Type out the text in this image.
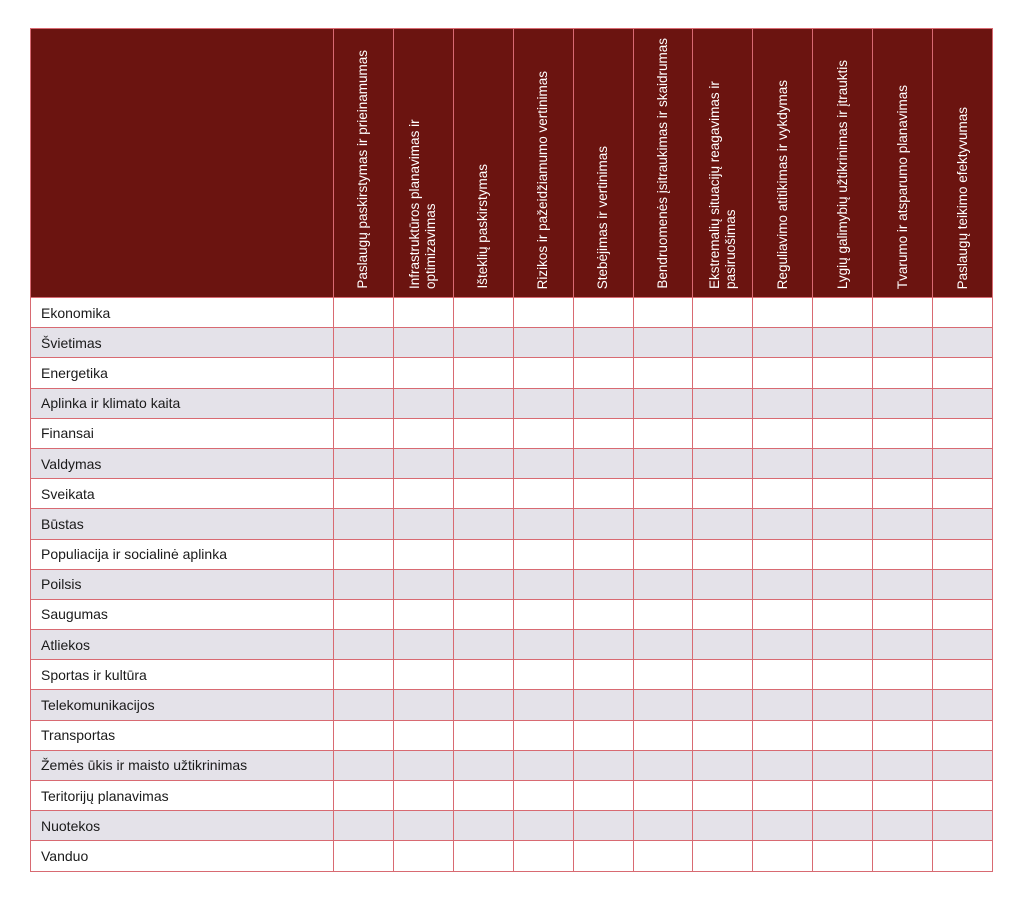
	Paslaugų paskirstymas ir prieinamumas	Infrastruktūros planavimas ir optimizavimas	Išteklių paskirstymas	Rizikos ir pažeidžiamumo vertinimas	Stebėjimas ir vertinimas	Bendruomenės įsitraukimas ir skaidrumas	Ekstremalių situacijų reagavimas ir pasiruošimas	Reguliavimo atitikimas ir vykdymas	Lygių galimybių užtikrinimas ir įtrauktis	Tvarumo ir atsparumo planavimas	Paslaugų teikimo efektyvumas

Ekonomika											
Švietimas											
Energetika											
Aplinka ir klimato kaita											
Finansai											
Valdymas											
Sveikata											
Būstas											
Populiacija ir socialinė aplinka											
Poilsis											
Saugumas											
Atliekos											
Sportas ir kultūra											
Telekomunikacijos											
Transportas											
Žemės ūkis ir maisto užtikrinimas											
Teritorijų planavimas											
Nuotekos											
Vanduo											
